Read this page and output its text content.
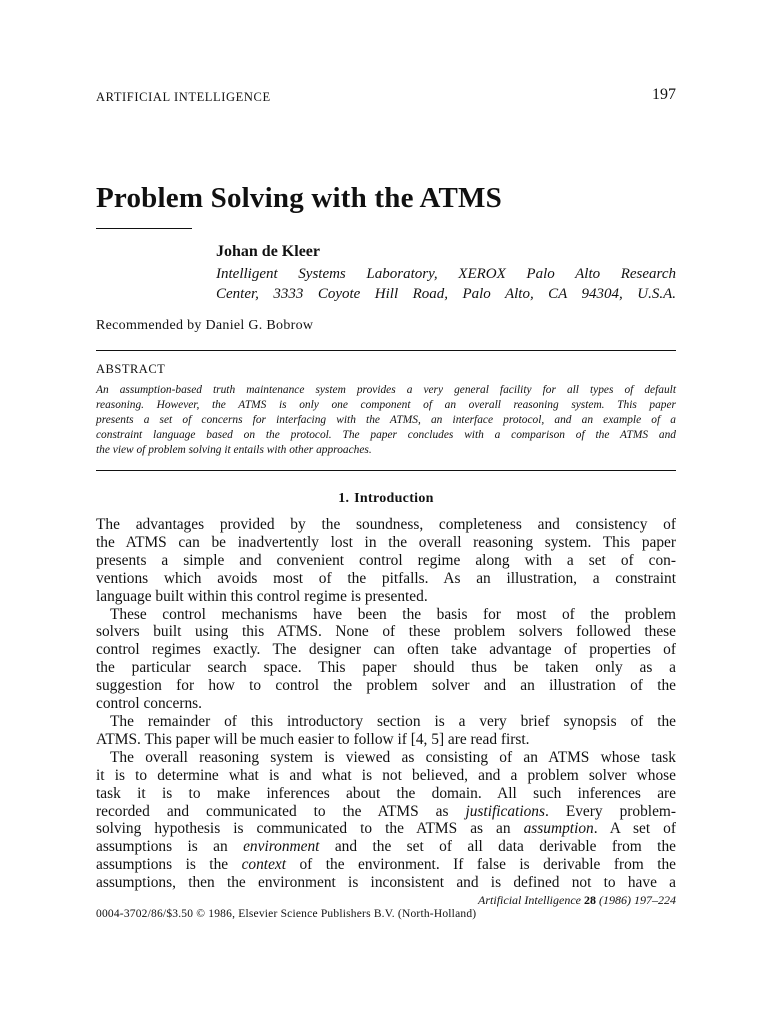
ARTIFICIAL INTELLIGENCE	197
Problem Solving with the ATMS
Johan de Kleer
Intelligent Systems Laboratory, XEROX Palo Alto Research
Center, 3333 Coyote Hill Road, Palo Alto, CA 94304, U.S.A.
Recommended by Daniel G. Bobrow
ABSTRACT
An assumption-based truth maintenance system provides a very general facility for all types of default
reasoning. However, the ATMS is only one component of an overall reasoning system. This paper
presents a set of concerns for interfacing with the ATMS, an interface protocol, and an example of a
constraint language based on the protocol. The paper concludes with a comparison of the ATMS and
the view of problem solving it entails with other approaches.
1. Introduction
The advantages provided by the soundness, completeness and consistency of
the ATMS can be inadvertently lost in the overall reasoning system. This paper
presents a simple and convenient control regime along with a set of con-
ventions which avoids most of the pitfalls. As an illustration, a constraint
language built within this control regime is presented.
These control mechanisms have been the basis for most of the problem
solvers built using this ATMS. None of these problem solvers followed these
control regimes exactly. The designer can often take advantage of properties of
the particular search space. This paper should thus be taken only as a
suggestion for how to control the problem solver and an illustration of the
control concerns.
The remainder of this introductory section is a very brief synopsis of the
ATMS. This paper will be much easier to follow if [4, 5] are read first.
The overall reasoning system is viewed as consisting of an ATMS whose task
it is to determine what is and what is not believed, and a problem solver whose
task it is to make inferences about the domain. All such inferences are
recorded and communicated to the ATMS as justifications. Every problem-
solving hypothesis is communicated to the ATMS as an assumption. A set of
assumptions is an environment and the set of all data derivable from the
assumptions is the context of the environment. If false is derivable from the
assumptions, then the environment is inconsistent and is defined not to have a
Artificial Intelligence 28 (1986) 197–224
0004-3702/86/$3.50 © 1986, Elsevier Science Publishers B.V. (North-Holland)
